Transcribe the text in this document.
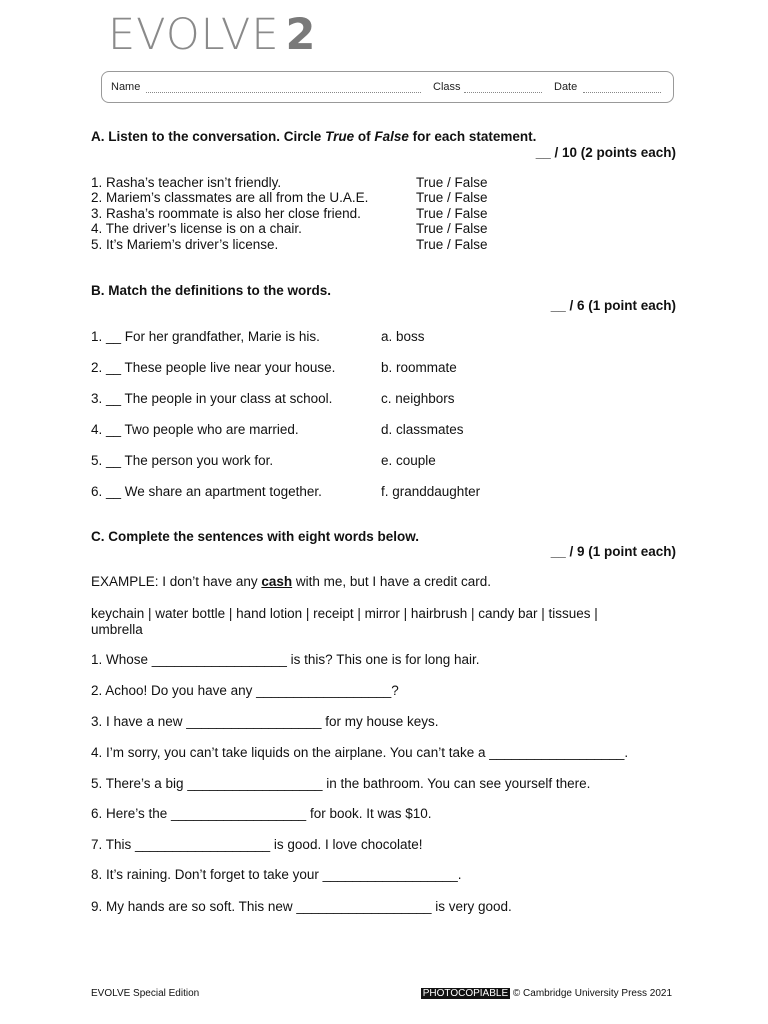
EVOLVE 2
Name	Class	Date
A. Listen to the conversation. Circle True of False for each statement.
__ / 10 (2 points each)
1. Rasha’s teacher isn’t friendly.	True / False
2. Mariem’s classmates are all from the U.A.E.	True / False
3. Rasha’s roommate is also her close friend.	True / False
4. The driver’s license is on a chair.	True / False
5. It’s Mariem’s driver’s license.	True / False
B. Match the definitions to the words.
__ / 6 (1 point each)
1. __ For her grandfather, Marie is his.	a. boss
2. __ These people live near your house.	b. roommate
3. __ The people in your class at school.	c. neighbors
4. __ Two people who are married.	d. classmates
5. __ The person you work for.	e. couple
6. __ We share an apartment together.	f. granddaughter
C. Complete the sentences with eight words below.
__ / 9 (1 point each)
EXAMPLE: I don’t have any cash with me, but I have a credit card.
keychain | water bottle | hand lotion | receipt | mirror | hairbrush | candy bar | tissues |
umbrella
1. Whose __________________ is this? This one is for long hair.
2. Achoo! Do you have any __________________?
3. I have a new __________________ for my house keys.
4. I’m sorry, you can’t take liquids on the airplane. You can’t take a __________________.
5. There’s a big __________________ in the bathroom. You can see yourself there.
6. Here’s the __________________ for book. It was $10.
7. This __________________ is good. I love chocolate!
8. It’s raining. Don’t forget to take your __________________.
9. My hands are so soft. This new __________________ is very good.
EVOLVE Special Edition	PHOTOCOPIABLE © Cambridge University Press 2021
